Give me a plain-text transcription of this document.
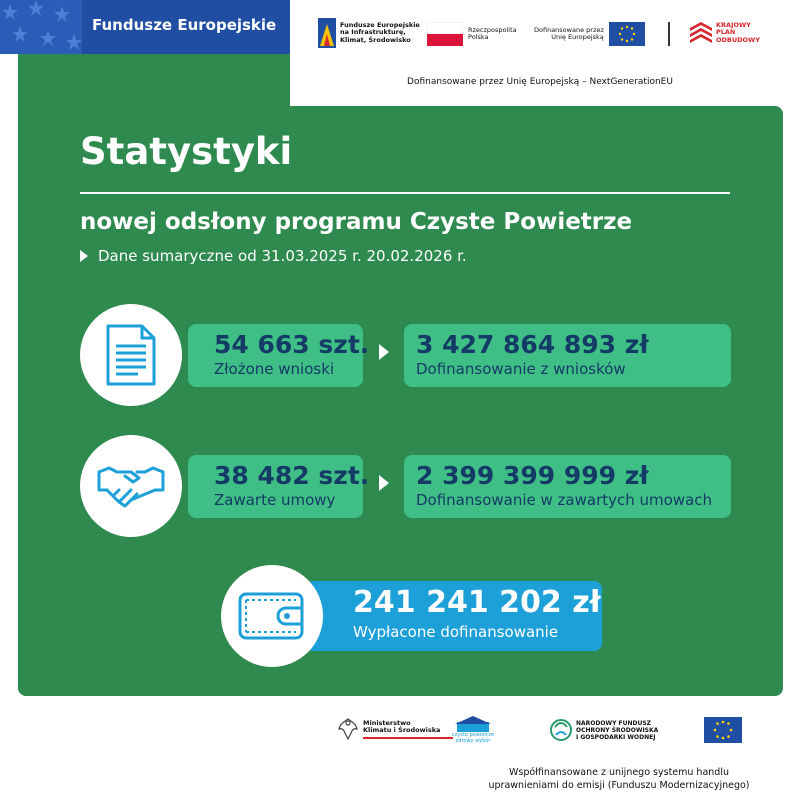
Fundusze Europejskie	Fundusze Europejskie
na Infrastrukturę,
Klimat, Środowisko
Rzeczpospolita
Polska
Dofinansowane przez
Unię Europejską
KRAJOWY
PLAN
ODBUDOWY
Dofinansowane przez Unię Europejską – NextGenerationEU
Statystyki
nowej odsłony programu Czyste Powietrze
Dane sumaryczne od 31.03.2025 r. 20.02.2026 r.
54 663 szt.
Złożone wnioski
3 427 864 893 zł
Dofinansowanie z wniosków
38 482 szt.
Zawarte umowy
2 399 399 999 zł
Dofinansowanie w zawartych umowach
241 241 202 zł
Wypłacone dofinansowanie
Ministerstwo
Klimatu i Środowiska
czyste powietrze
zdrowy wybór
NARODOWY FUNDUSZ
OCHRONY ŚRODOWISKA
I GOSPODARKI WODNEJ
Współfinansowane z unijnego systemu handlu
uprawnieniami do emisji (Funduszu Modernizacyjnego)
